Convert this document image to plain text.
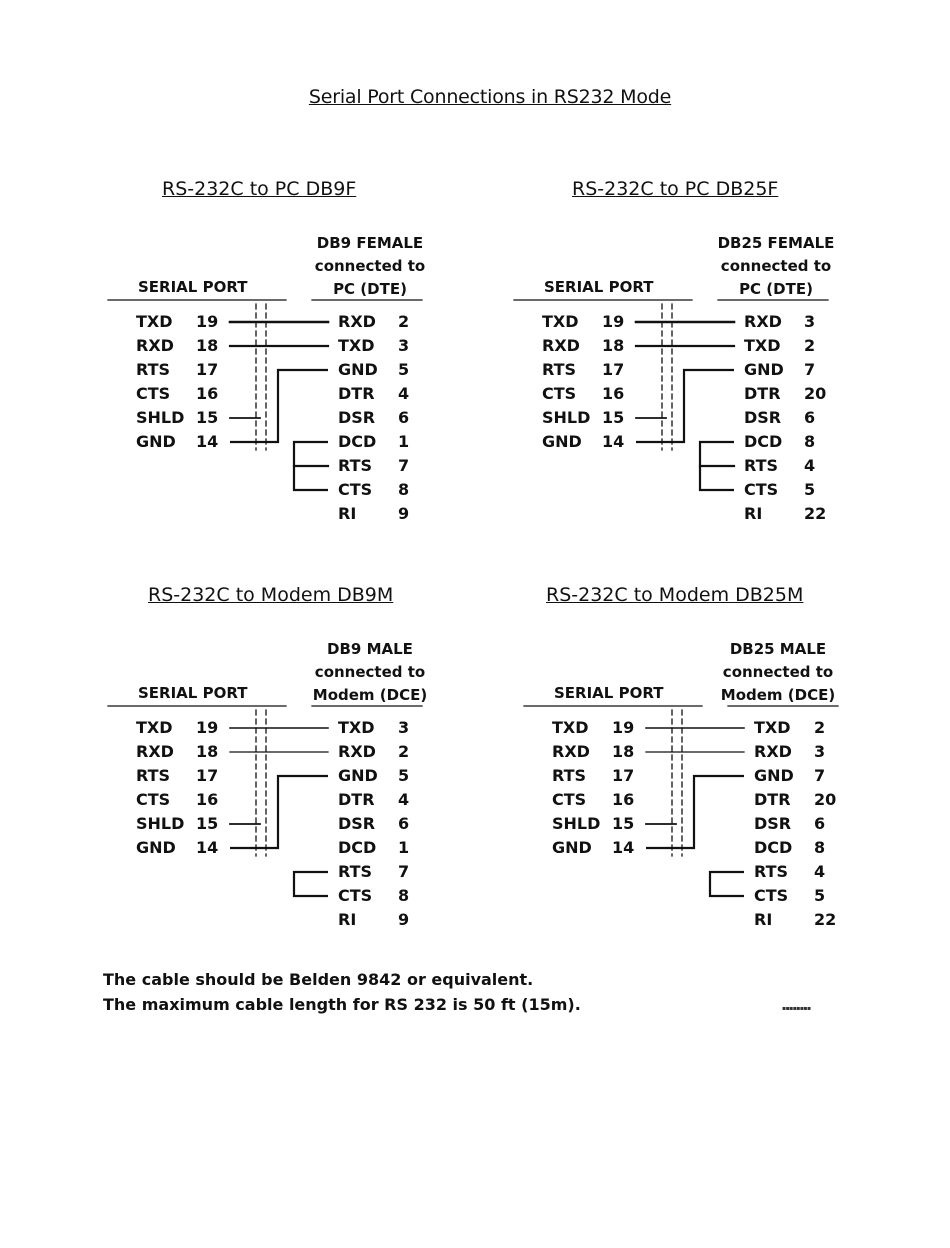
Serial Port Connections in RS232 Mode
RS-232C to PC DB9F
DB9 FEMALE
connected to
PC (DTE)
SERIAL PORT
TXD 19
RXD 18
RTS 17
CTS 16
SHLD 15
GND 14
RXD 2
TXD 3
GND 5
DTR 4
DSR 6
DCD 1
RTS 7
CTS 8
RI	9
RS-232C to PC DB25F
DB25 FEMALE
connected to
PC (DTE)
SERIAL PORT
TXD 19
RXD 18
RTS 17
CTS 16
SHLD 15
GND 14
RXD 3
TXD 2
GND 7
DTR 20
DSR 6
DCD 8
RTS 4
CTS 5
RI	22
RS-232C to Modem DB9M
DB9 MALE
connected to
Modem (DCE)
SERIAL PORT
TXD 19
RXD 18
RTS 17
CTS 16
SHLD 15
GND 14
TXD 3
RXD 2
GND 5
DTR 4
DSR 6
DCD 1
RTS 7
CTS 8
RI	9
RS-232C to Modem DB25M
DB25 MALE
connected to
Modem (DCE)
SERIAL PORT
TXD 19
RXD 18
RTS 17
CTS 16
SHLD 15
GND 14
TXD 2
RXD 3
GND 7
DTR 20
DSR 6
DCD 8
RTS 4
CTS 5
RI	22
The cable should be Belden 9842 or equivalent.
The maximum cable length for RS 232 is 50 ft (15m).	▪▪▪▪▪▪▪▪
